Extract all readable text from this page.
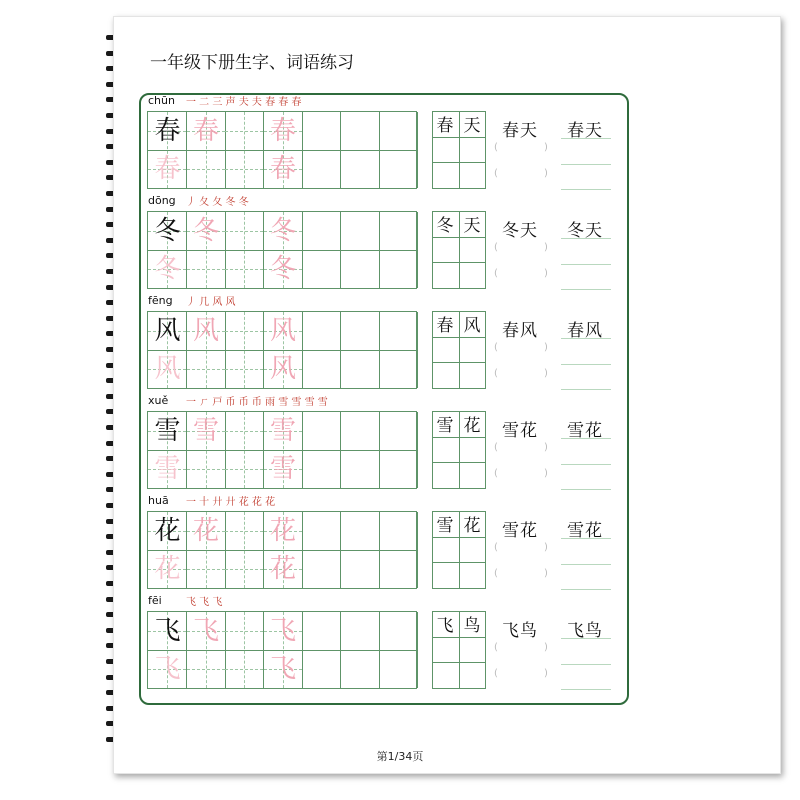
一年级下册生字、词语练习
chūn 一 二 三 声 夫 夫 春 春 春
春 春 春
春	春
春 天 春天
(	)
(	)
春天
dōng 丿 夂 夂 冬 冬
冬 冬 冬
冬	冬
冬 天 冬天
(	)
(	)
冬天
fēng 丿 几 风 风
风 风 风
风	风
春 风 春风
(	)
(	)
春风
xuě 一 ㄏ 戸 币 币 币 雨 雪 雪 雪 雪
雪 雪 雪
雪	雪
雪 花 雪花
(	)
(	)
雪花
huā 一 十 廾 廾 花 花 花
花 花 花
花	花
雪 花 雪花
(	)
(	)
雪花
fēi 飞 飞 飞
飞 飞 飞
飞	飞
飞 鸟 飞鸟
(	)
(	)
飞鸟
第1/34页
